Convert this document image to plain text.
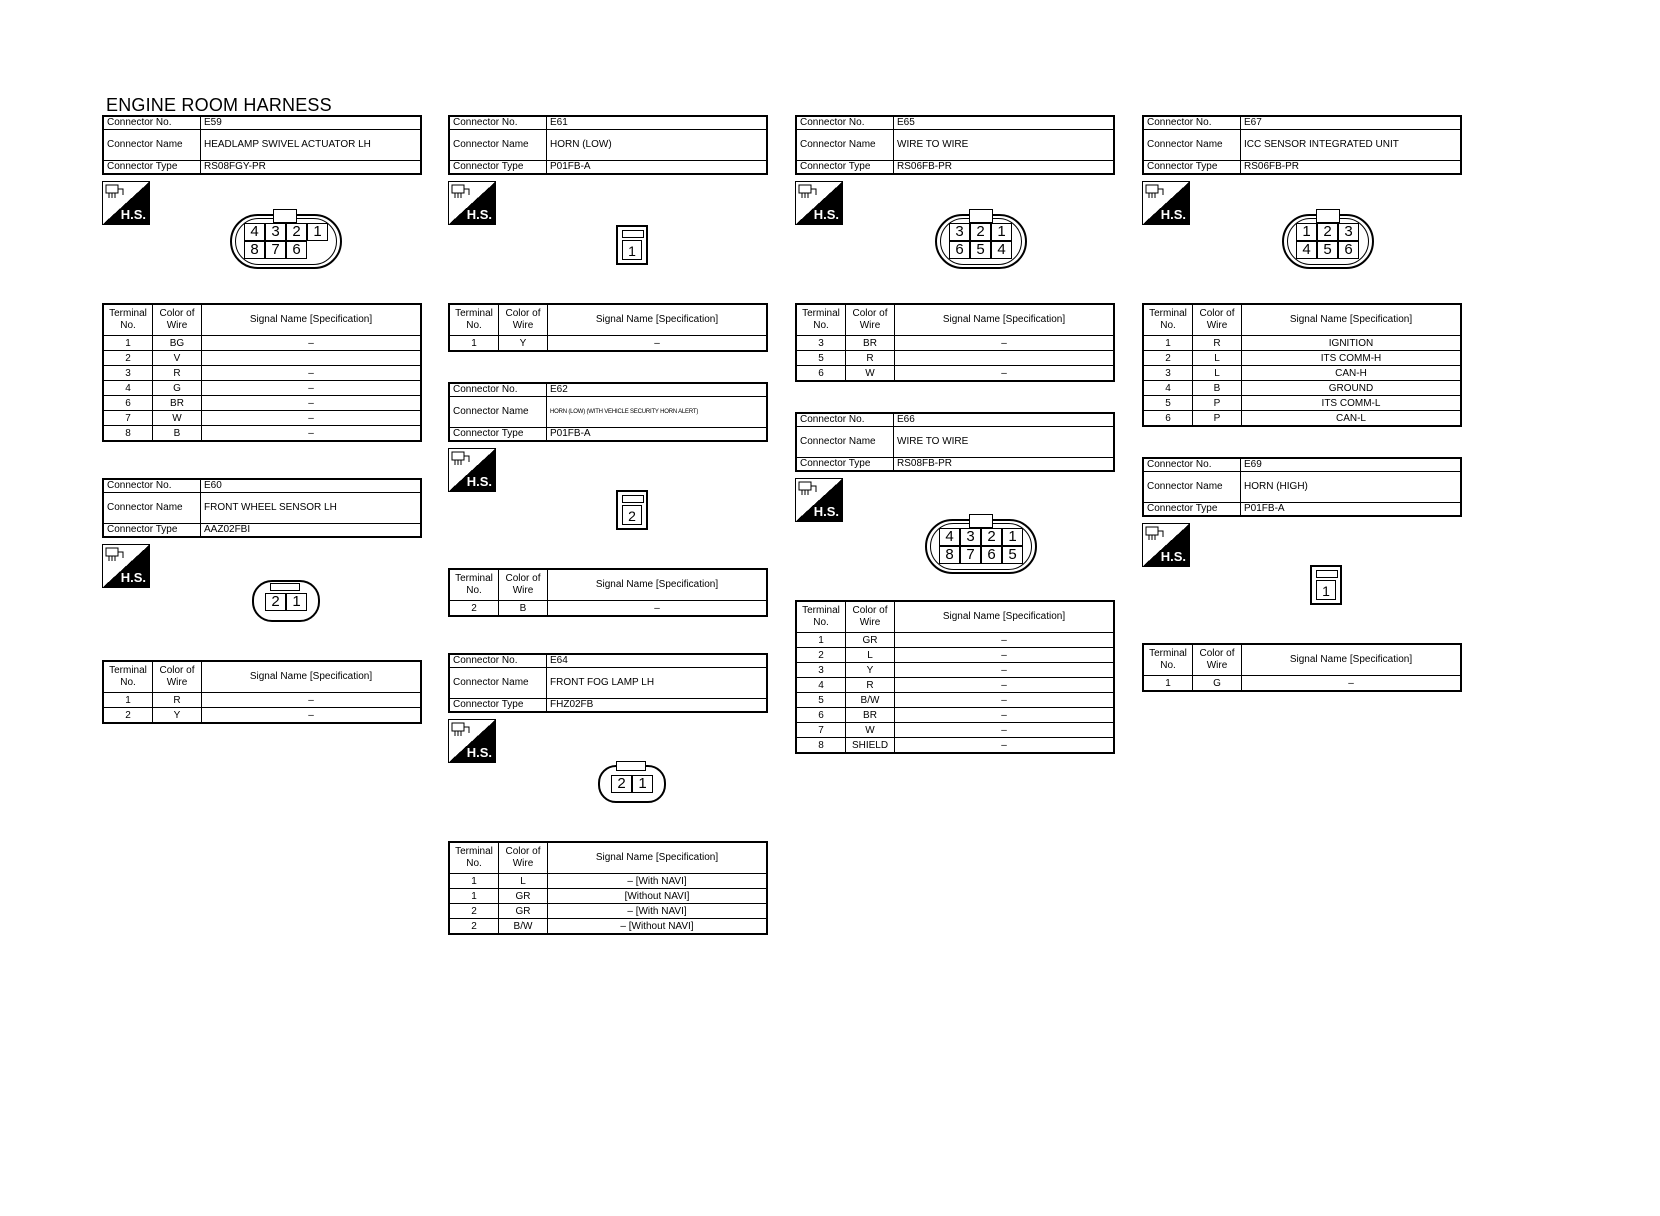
ENGINE ROOM HARNESS
Connector No.	E59
Connector Name	HEADLAMP SWIVEL ACTUATOR LH
Connector Type	RS08FGY-PR
H.S.
4 3 2 1
8 7 6
Terminal No.	Color of Wire	Signal Name [Specification]
1	BG	–
2	V	
3	R	–
4	G	–
6	BR	–
7	W	–
8	B	–
Connector No.	E60
Connector Name	FRONT WHEEL SENSOR LH
Connector Type	AAZ02FBI
H.S.
2 1
Terminal No.	Color of Wire	Signal Name [Specification]
1	R	–
2	Y	–
Connector No.	E61
Connector Name	HORN (LOW)
Connector Type	P01FB-A
H.S.
1
Terminal No.	Color of Wire	Signal Name [Specification]
1	Y	–
Connector No.	E62
Connector Name	HORN (LOW) (WITH VEHICLE SECURITY HORN ALERT)
Connector Type	P01FB-A
H.S.
2
Terminal No.	Color of Wire	Signal Name [Specification]
2	B	–
Connector No.	E64
Connector Name	FRONT FOG LAMP LH
Connector Type	FHZ02FB
H.S.
2 1
Terminal No.	Color of Wire	Signal Name [Specification]
1	L	– [With NAVI]
1	GR	[Without NAVI]
2	GR	– [With NAVI]
2	B/W	– [Without NAVI]
Connector No.	E65
Connector Name	WIRE TO WIRE
Connector Type	RS06FB-PR
H.S.
3 2 1
6 5 4
Terminal No.	Color of Wire	Signal Name [Specification]
3	BR	–
5	R	
6	W	–
Connector No.	E66
Connector Name	WIRE TO WIRE
Connector Type	RS08FB-PR
H.S.
4 3 2 1
8 7 6 5
Terminal No.	Color of Wire	Signal Name [Specification]
1	GR	–
2	L	–
3	Y	–
4	R	–
5	B/W	–
6	BR	–
7	W	–
8	SHIELD	–
Connector No.	E67
Connector Name	ICC SENSOR INTEGRATED UNIT
Connector Type	RS06FB-PR
H.S.
1 2 3
4 5 6
Terminal No.	Color of Wire	Signal Name [Specification]
1	R	IGNITION
2	L	ITS COMM-H
3	L	CAN-H
4	B	GROUND
5	P	ITS COMM-L
6	P	CAN-L
Connector No.	E69
Connector Name	HORN (HIGH)
Connector Type	P01FB-A
H.S.
1
Terminal No.	Color of Wire	Signal Name [Specification]
1	G	–
